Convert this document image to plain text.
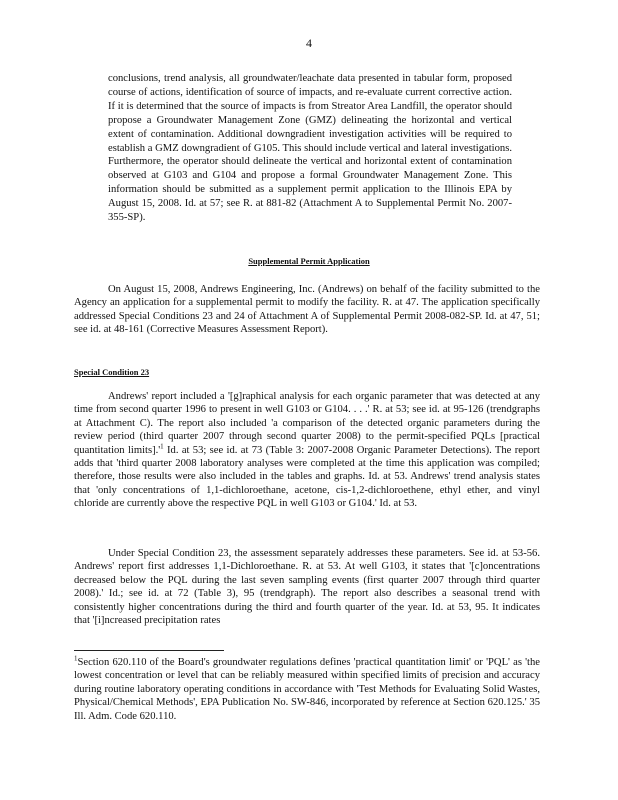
4
conclusions, trend analysis, all groundwater/leachate data presented in tabular form, proposed course of actions, identification of source of impacts, and re-evaluate current corrective action. If it is determined that the source of impacts is from Streator Area Landfill, the operator should propose a Groundwater Management Zone (GMZ) delineating the horizontal and vertical extent of contamination. Additional downgradient investigation activities will be required to establish a GMZ downgradient of G105. This should include vertical and lateral investigations. Furthermore, the operator should delineate the vertical and horizontal extent of contamination observed at G103 and G104 and propose a formal Groundwater Management Zone. This information should be submitted as a supplement permit application to the Illinois EPA by August 15, 2008. Id. at 57; see R. at 881-82 (Attachment A to Supplemental Permit No. 2007-355-SP).
Supplemental Permit Application
On August 15, 2008, Andrews Engineering, Inc. (Andrews) on behalf of the facility submitted to the Agency an application for a supplemental permit to modify the facility. R. at 47. The application specifically addressed Special Conditions 23 and 24 of Attachment A of Supplemental Permit 2008-082-SP. Id. at 47, 51; see id. at 48-161 (Corrective Measures Assessment Report).
Special Condition 23
Andrews' report included a '[g]raphical analysis for each organic parameter that was detected at any time from second quarter 1996 to present in well G103 or G104. . . .' R. at 53; see id. at 95-126 (trendgraphs at Attachment C). The report also included 'a comparison of the detected organic parameters during the review period (third quarter 2007 through second quarter 2008) to the permit-specified PQLs [practical quantitation $limits].'^1$ Id. at 53; see id. at 73 (Table 3: 2007-2008 Organic Parameter Detections). The report adds that 'third quarter 2008 laboratory analyses were completed at the time this application was compiled; therefore, those results were also included in the tables and graphs. Id. at 53. Andrews' trend analysis states that 'only concentrations of 1,1-dichloroethane, acetone, cis-1,2-dichloroethene, ethyl ether, and vinyl chloride are currently above the respective PQL in well G103 or G104.' Id. at 53.
Under Special Condition 23, the assessment separately addresses these parameters. See id. at 53-56. Andrews' report first addresses 1,1-Dichloroethane. R. at 53. At well G103, it states that '[c]oncentrations decreased below the PQL during the last seven sampling events (first quarter 2007 through third quarter 2008).' Id.; see id. at 72 (Table 3), 95 (trendgraph). The report also describes a seasonal trend with consistently higher concentrations during the third and fourth quarter of the year. Id. at 53, 95. It indicates that '[i]ncreased precipitation rates
$^1$Section 620.110 of the Board's groundwater regulations defines 'practical quantitation limit' or 'PQL' as 'the lowest concentration or level that can be reliably measured within specified limits of precision and accuracy during routine laboratory operating conditions in accordance with 'Test Methods for Evaluating Solid Wastes, Physical/Chemical Methods', EPA Publication No. SW-846, incorporated by reference at Section 620.125.' 35 Ill. Adm. Code 620.110.
